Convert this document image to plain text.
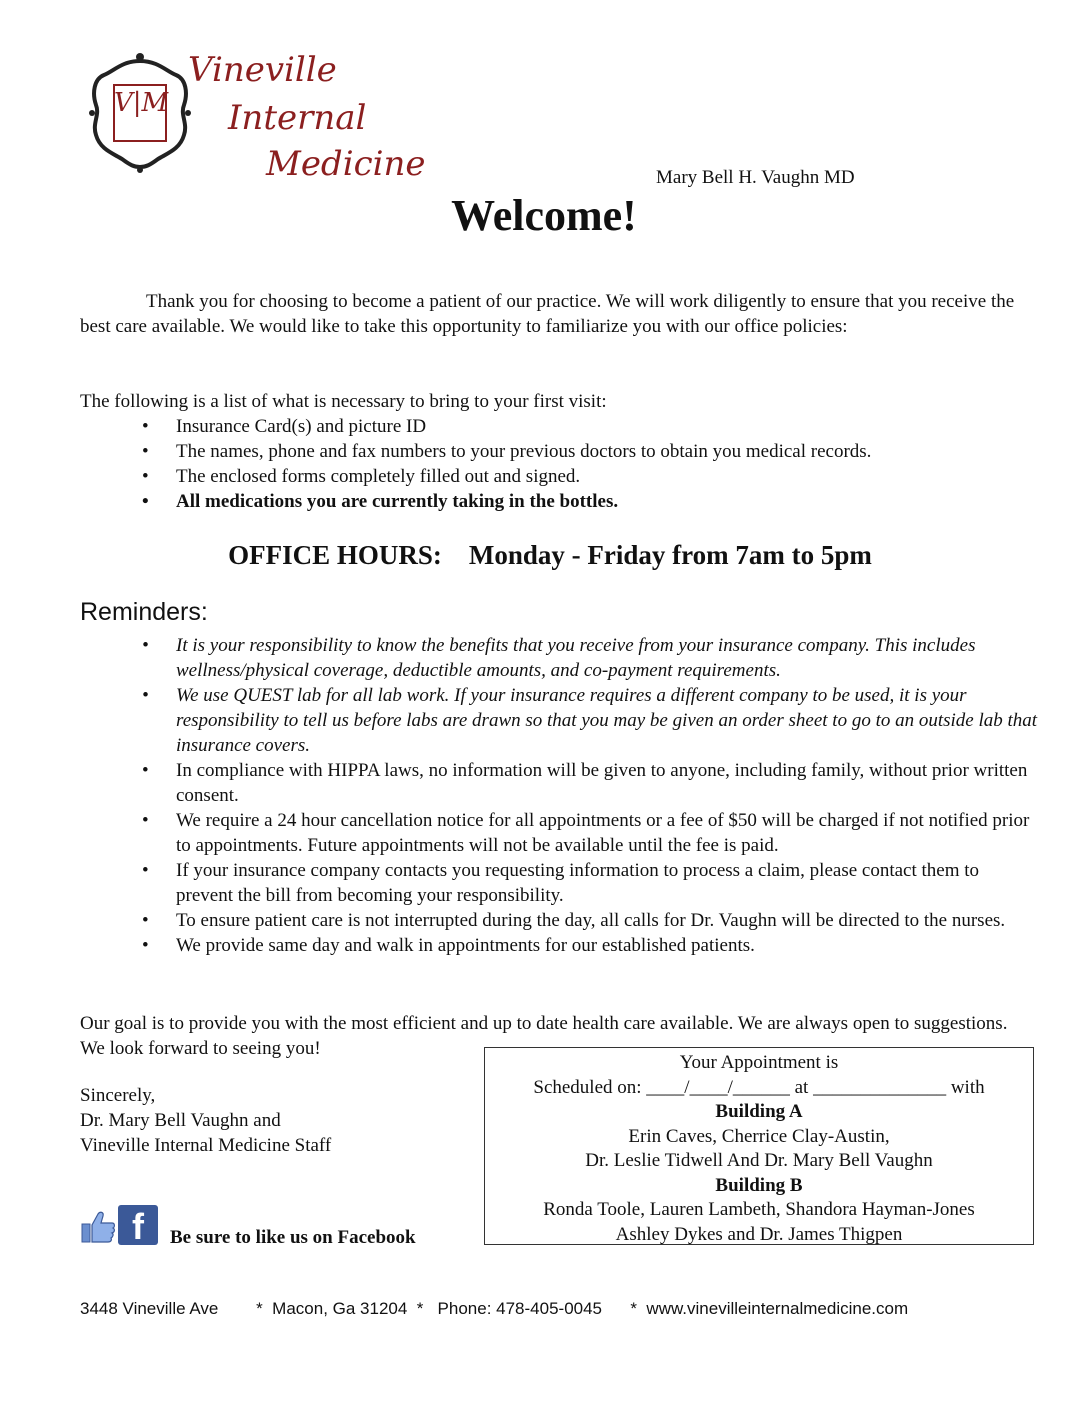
V|M
Vineville
Internal
Medicine	Mary Bell H. Vaughn MD
Welcome!
Thank you for choosing to become a patient of our practice. We will work diligently to ensure that you receive the best care available. We would like to take this opportunity to familiarize you with our office policies:
The following is a list of what is necessary to bring to your first visit:
• Insurance Card(s) and picture ID
• The names, phone and fax numbers to your previous doctors to obtain you medical records.
• The enclosed forms completely filled out and signed.
• All medications you are currently taking in the bottles.
OFFICE HOURS: Monday - Friday from 7am to 5pm
Reminders:
• It is your responsibility to know the benefits that you receive from your insurance company. This includes wellness/physical coverage, deductible amounts, and co-payment requirements.
• We use QUEST lab for all lab work. If your insurance requires a different company to be used, it is your responsibility to tell us before labs are drawn so that you may be given an order sheet to go to an outside lab that insurance covers.
• In compliance with HIPPA laws, no information will be given to anyone, including family, without prior written consent.
• We require a 24 hour cancellation notice for all appointments or a fee of $50 will be charged if not notified prior to appointments. Future appointments will not be available until the fee is paid.
• If your insurance company contacts you requesting information to process a claim, please contact them to prevent the bill from becoming your responsibility.
• To ensure patient care is not interrupted during the day, all calls for Dr. Vaughn will be directed to the nurses.
• We provide same day and walk in appointments for our established patients.
Our goal is to provide you with the most efficient and up to date health care available. We are always open to suggestions. We look forward to seeing you!
Sincerely,
Dr. Mary Bell Vaughn and
Vineville Internal Medicine Staff
f	Be sure to like us on Facebook
Your Appointment is
Scheduled on: ____/____/______ at ______________ with
Building A
Erin Caves, Cherrice Clay-Austin,
Dr. Leslie Tidwell And Dr. Mary Bell Vaughn
Building B
Ronda Toole, Lauren Lambeth, Shandora Hayman-Jones
Ashley Dykes and Dr. James Thigpen
3448 Vineville Ave        *  Macon, Ga 31204  *   Phone: 478-405-0045      *  www.vinevilleinternalmedicine.com
